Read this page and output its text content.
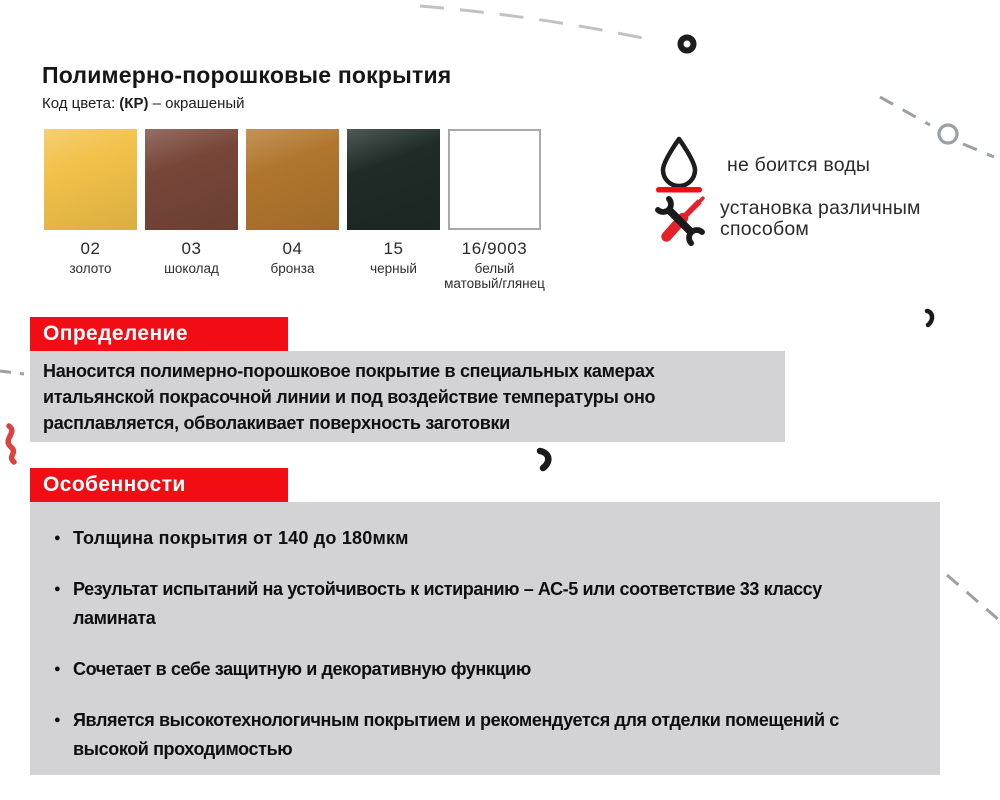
Полимерно-порошковые покрытия
Код цвета: (КР) – окрашеный
02
золото
03
шоколад
04
бронза
15
черный
16/9003
белый
матовый/глянец
не боится воды
установка различным способом
Определение
Наносится полимерно-порошковое покрытие в специальных камерах итальянской покрасочной линии и под воздействие температуры оно расплавляется, обволакивает поверхность заготовки
Особенности
● Толщина покрытия от 140 до 180мкм
● Результат испытаний на устойчивость к истиранию – АС-5 или соответствие 33 классу ламината
● Сочетает в себе защитную и декоративную функцию
● Является высокотехнологичным покрытием и рекомендуется для отделки помещений с высокой проходимостью
